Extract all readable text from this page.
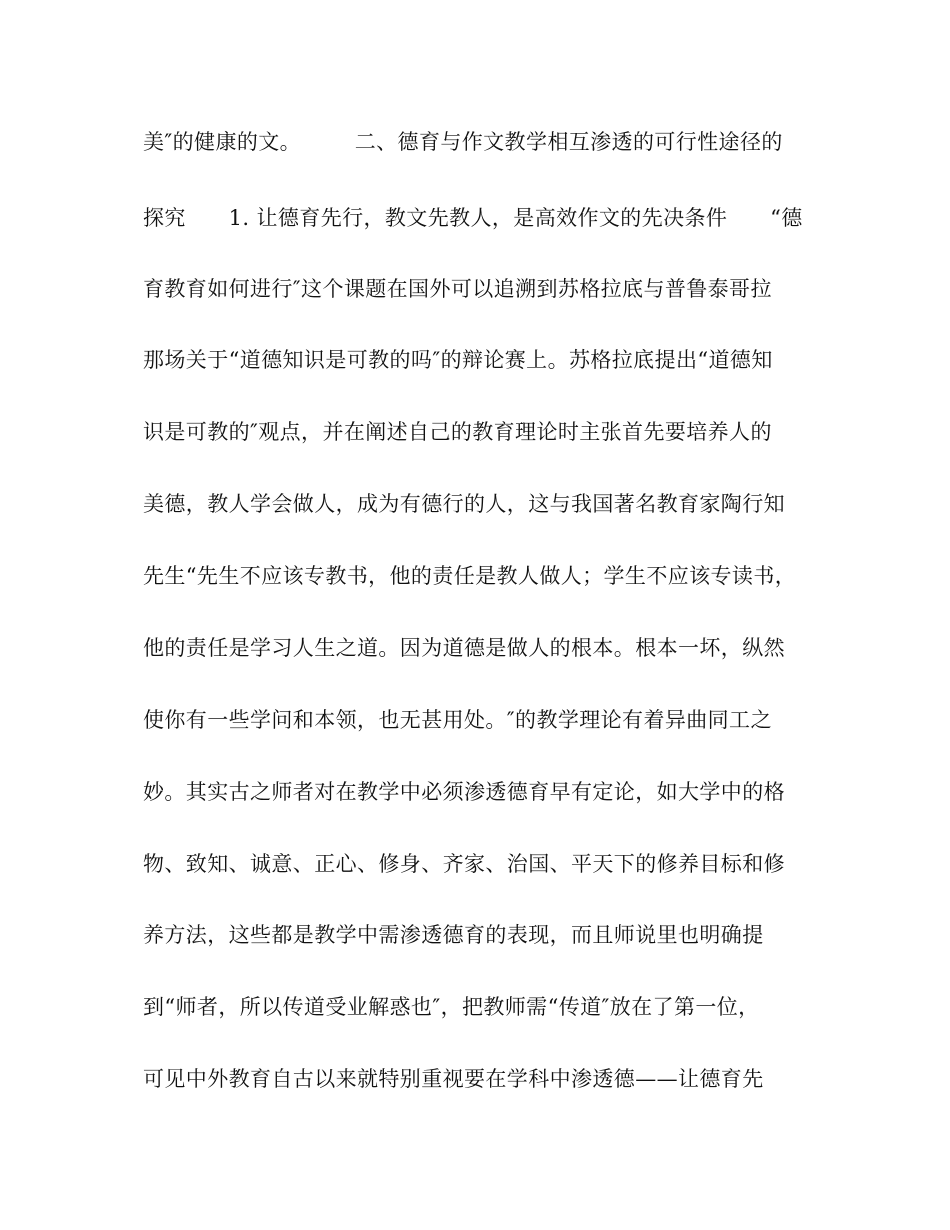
美″的健康的文。　　　二、德育与作文教学相互渗透的可行性途径的

探究　　1. 让德育先行，教文先教人，是高效作文的先决条件　　“德

育教育如何进行″这个课题在国外可以追溯到苏格拉底与普鲁泰哥拉

那场关于“道德知识是可教的吗″的辩论赛上。苏格拉底提出“道德知

识是可教的″观点，并在阐述自己的教育理论时主张首先要培养人的

美德，教人学会做人，成为有德行的人，这与我国著名教育家陶行知

先生“先生不应该专教书，他的责任是教人做人；学生不应该专读书，

他的责任是学习人生之道。因为道德是做人的根本。根本一坏，纵然

使你有一些学问和本领，也无甚用处。″的教学理论有着异曲同工之

妙。其实古之师者对在教学中必须渗透德育早有定论，如大学中的格

物、致知、诚意、正心、修身、齐家、治国、平天下的修养目标和修

养方法，这些都是教学中需渗透德育的表现，而且师说里也明确提

到“师者，所以传道受业解惑也″，把教师需“传道″放在了第一位，

可见中外教育自古以来就特别重视要在学科中渗透德——让德育先
